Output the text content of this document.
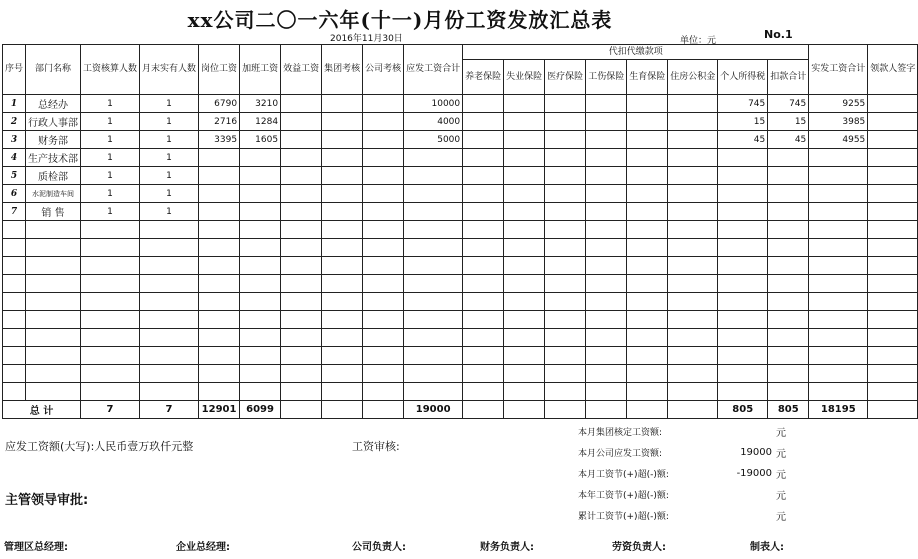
xx公司二〇一六年(十一)月份工资发放汇总表
2016年11月30日	单位：元	No.1
序号	部门名称	工资核算人数	月末实有人数	岗位工资	加班工资	效益工资	集团考核	公司考核	应发工资合计	代扣代缴款项								实发工资合计	领款人签字
										养老保险	失业保险	医疗保险	工伤保险	生育保险	住房公积金	个人所得税	扣款合计		
1	总经办	1	1	6790	3210				10000							745	745	9255	
2	行政人事部	1	1	2716	1284				4000							15	15	3985	
3	财务部	1	1	3395	1605				5000							45	45	4955	
4	生产技术部	1	1																
5	质检部	1	1																
6	水泥制造车间	1	1																
7	销 售	1	1																

总 计		7	7	12901	6099				19000							805	805	18195	
应发工资额(大写):人民币壹万玖仟元整	工资审核:
主管领导审批:
本月集团核定工资额:		元
本月公司应发工资额:	19000	元
本月工资节(+)超(-)额:	-19000	元
本年工资节(+)超(-)额:		元
累计工资节(+)超(-)额:		元
管理区总经理:	企业总经理:	公司负责人:	财务负责人:	劳资负责人:	制表人:
